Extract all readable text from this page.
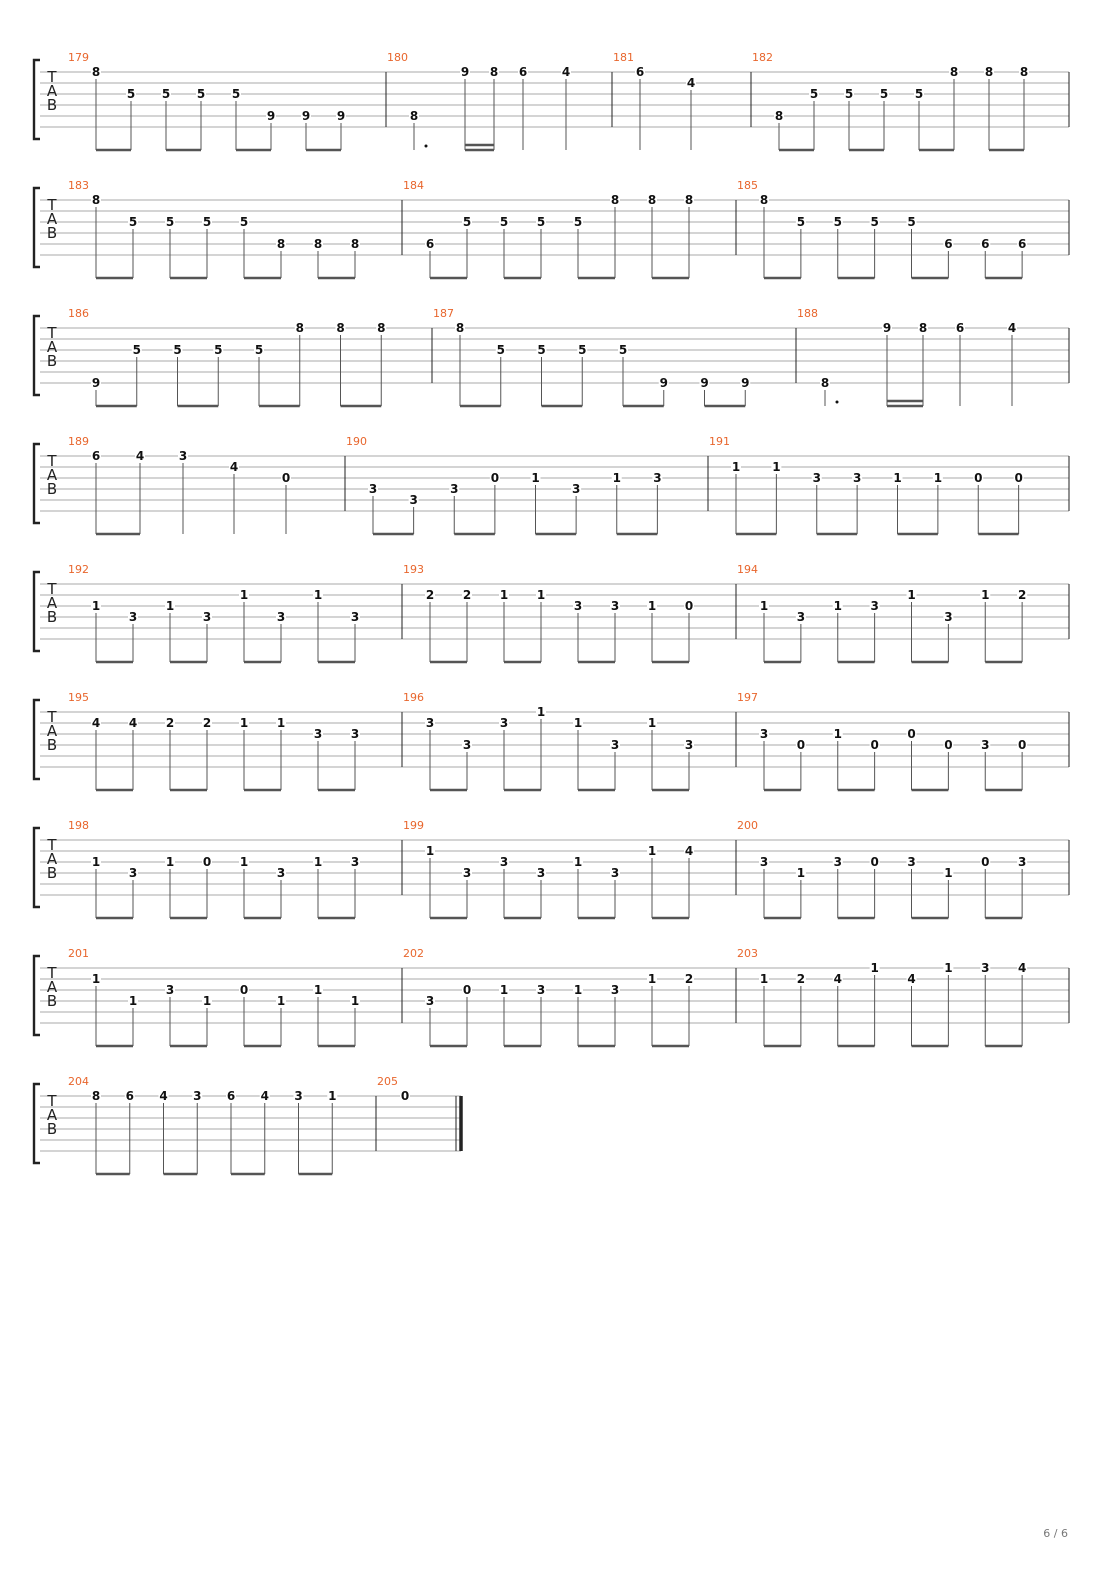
T
A
B
179
8
5 5 5 5
9 9 9
180
8
9 8 6	4
181
6
4
182
8
5 5 5 5
8 8 8
T
A
B
183
8
5 5 5 5
8 8 8
184
6
5 5 5 5
8 8 8
185
8
5 5 5 5
6 6 6
T
A
B
186
9
5	5	5	5
8	8	8
187
8
5	5	5	5
9	9	9
188
8
9 8 6	4
T
A
B
189
6	4	3
4
0
190
3
3
3
0	1
3
1	3
191
1	1
3	3	1	1	0	0
T
A
B
192
1
3
1
3
1
3
1
3
193
2 2 1 1
3 3 1 0
194
1
3
1 3
1
3
1 2
T
A
B
195
4 4 2 2 1 1
3 3
196
3
3
3
1
1
3
1
3
197
3
0
1
0
0
0 3 0
T
A
B
198
1
3
1 0 1
3
1 3
199
1
3
3
3
1
3
1 4
200
3
1
3 0 3
1
0 3
T
A
B
201
1
1
3
1
0
1
1
1
202
3
0 1 3 1 3
1 2
203
1 2 4
1
4
1 3 4
T
A
B
204
8 6 4 3 6 4 3 1
205
0
6 / 6
